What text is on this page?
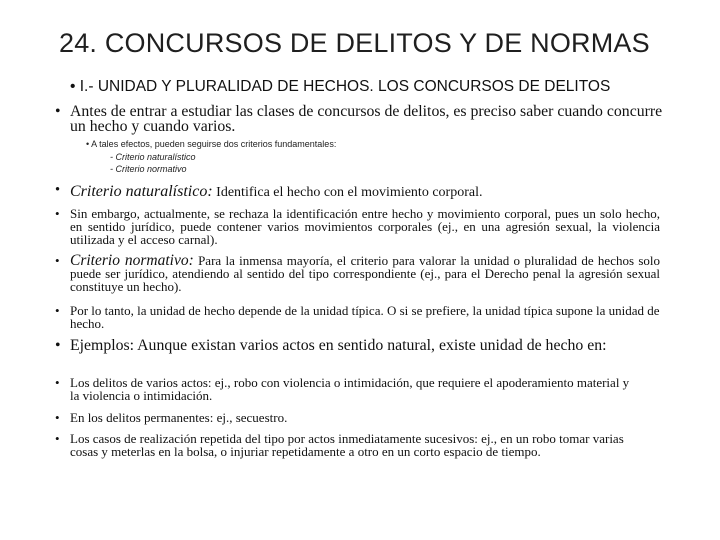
24. CONCURSOS DE DELITOS Y DE NORMAS
• I.- UNIDAD Y PLURALIDAD DE HECHOS. LOS CONCURSOS DE DELITOS
• Antes de entrar a estudiar las clases de concursos de delitos, es preciso saber cuando concurre un hecho y cuando varios.
• A tales efectos, pueden seguirse dos criterios fundamentales:
- Criterio naturalístico
- Criterio normativo
• Criterio naturalístico: Identifica el hecho con el movimiento corporal.
• Sin embargo, actualmente, se rechaza la identificación entre hecho y movimiento corporal, pues un solo hecho, en sentido jurídico, puede contener varios movimientos corporales (ej., en una agresión sexual, la violencia utilizada y el acceso carnal).
• Criterio normativo: Para la inmensa mayoría, el criterio para valorar la unidad o pluralidad de hechos solo puede ser jurídico, atendiendo al sentido del tipo correspondiente (ej., para el Derecho penal la agresión sexual constituye un hecho).
• Por lo tanto, la unidad de hecho depende de la unidad típica. O si se prefiere, la unidad típica supone la unidad de hecho.
• Ejemplos: Aunque existan varios actos en sentido natural, existe unidad de hecho en:
• Los delitos de varios actos: ej., robo con violencia o intimidación, que requiere el apoderamiento material y la violencia o intimidación.
• En los delitos permanentes: ej., secuestro.
• Los casos de realización repetida del tipo por actos inmediatamente sucesivos: ej., en un robo tomar varias cosas y meterlas en la bolsa, o injuriar repetidamente a otro en un corto espacio de tiempo.
